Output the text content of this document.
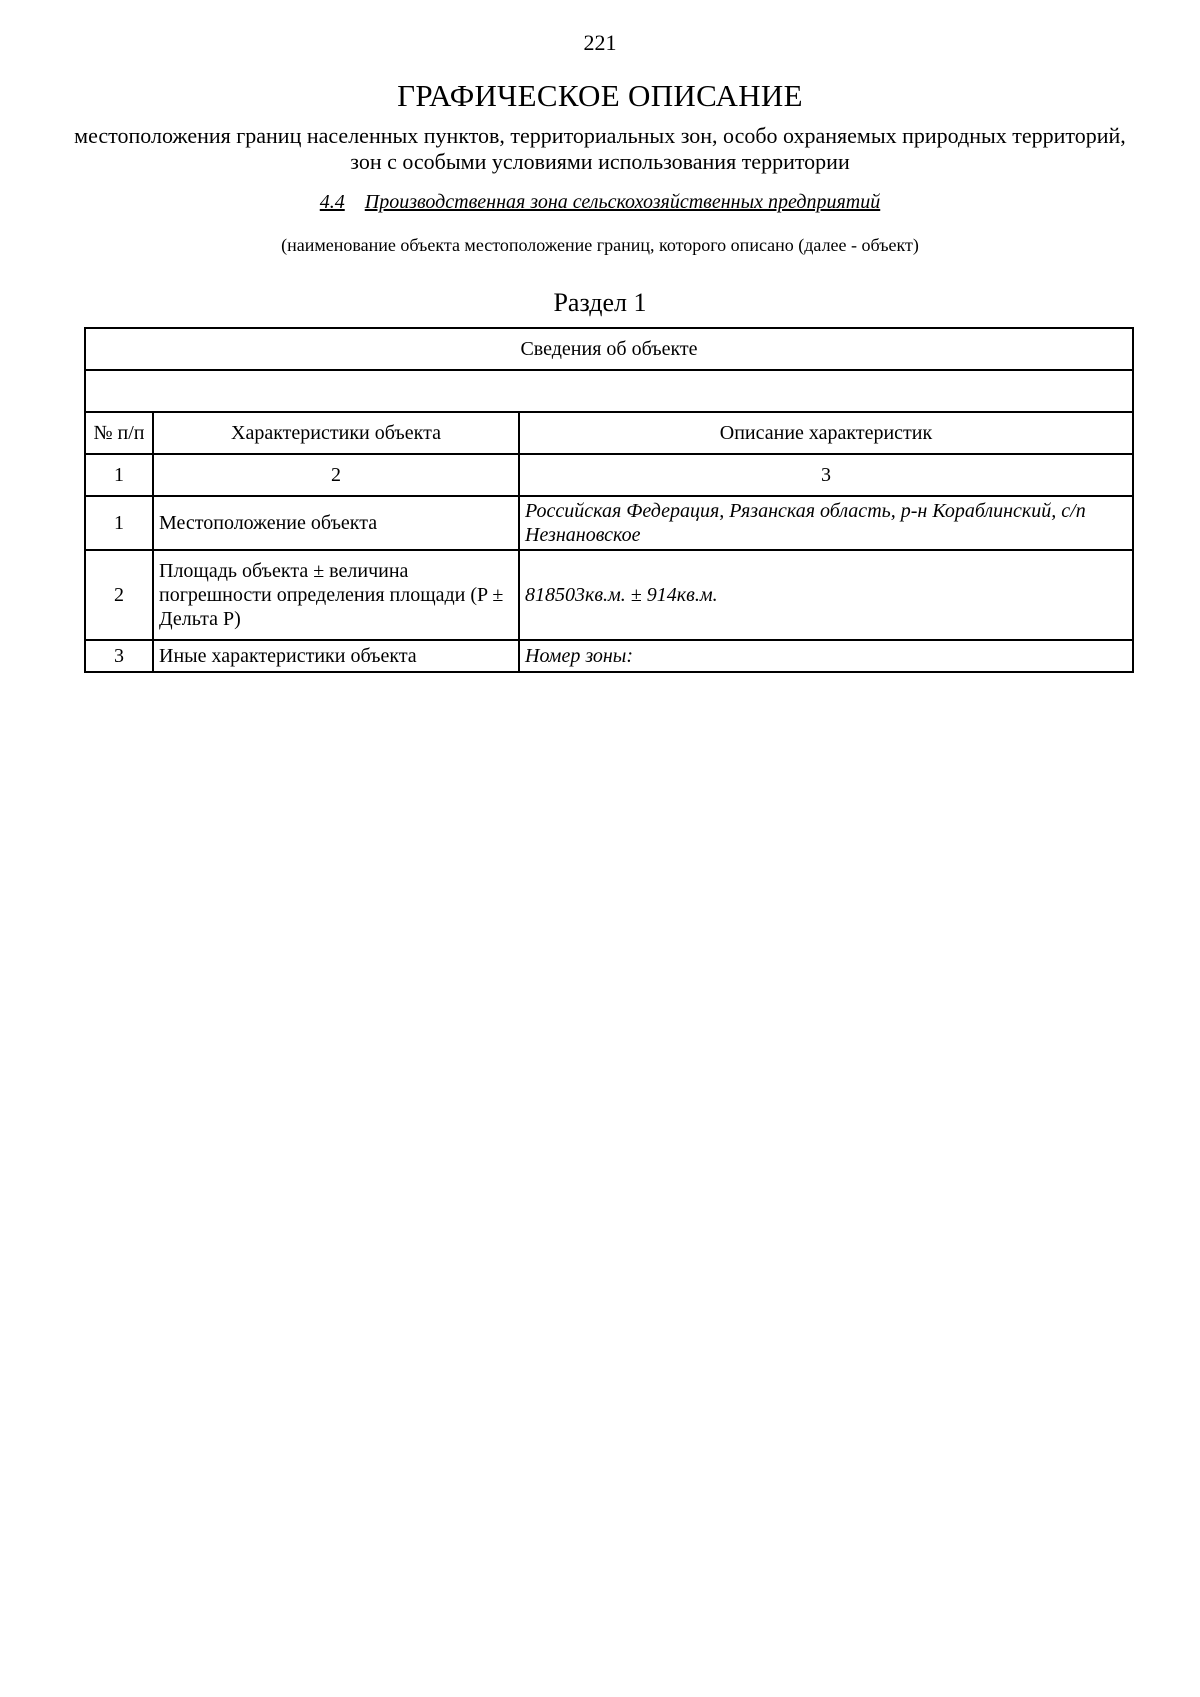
221
ГРАФИЧЕСКОЕ ОПИСАНИЕ
местоположения границ населенных пунктов, территориальных зон, особо охраняемых природных территорий, зон с особыми условиями использования территории
4.4 Производственная зона сельскохозяйственных предприятий
(наименование объекта местоположение границ, которого описано (далее - объект)
Раздел 1
Сведения об объекте		

№ п/п	Характеристики объекта	Описание характеристик
1	2	3
1	Местоположение объекта	Российская Федерация, Рязанская область, р-н Кораблинский, с/п Незнановское
2	Площадь объекта ± величина погрешности определения площади (P ± Дельта P)	818503кв.м. ± 914кв.м.
3	Иные характеристики объекта	Номер зоны:
